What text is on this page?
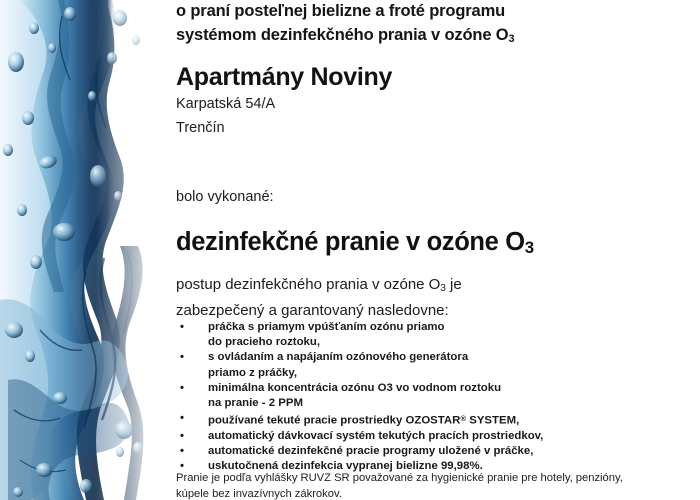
o praní posteľnej bielizne a froté programu
systémom dezinfekčného prania v ozóne $O_3$
Apartmány Noviny
Karpatská 54/A
Trenčín
bolo vykonané:
dezinfekčné pranie v ozóne $O_3$
postup dezinfekčného prania v ozóne $O_3$ je
zabezpečený a garantovaný nasledovne:
•	práčka s priamym vpúšťaním ozónu priamo
do pracieho roztoku,
•	s ovládaním a napájaním ozónového generátora
priamo z práčky,
•	minimálna koncentrácia ozónu O3 vo vodnom roztoku
na pranie - 2 PPM
•	používané tekuté pracie prostriedky OZOSTAR® SYSTEM,
•	automatický dávkovací systém tekutých pracích prostriedkov,
•	automatické dezinfekčné pracie programy uložené v práčke,
•	uskutočnená dezinfekcia vypranej bielizne 99,98%.
Pranie je podľa vyhlášky RUVZ SR považované za hygienické pranie pre hotely, penzióny,
kúpele bez invazívnych zákrokov.
